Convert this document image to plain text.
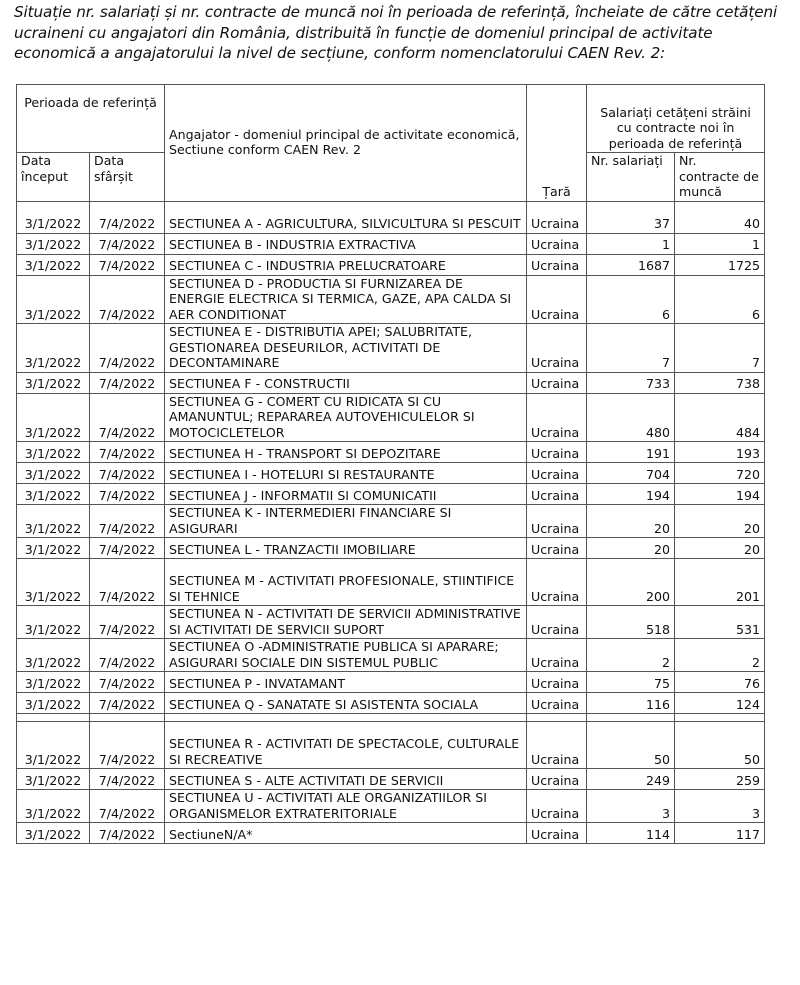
Situație nr. salariați și nr. contracte de muncă noi în perioada de referință, încheiate de către cetățeni ucraineni cu angajatori din România, distribuită în funcție de domeniul principal de activitate economică a angajatorului la nivel de secțiune, conform nomenclatorului CAEN Rev. 2:
Perioada de referință		Angajator - domeniul principal de activitate economică, Sectiune conform CAEN Rev. 2	Țară	Salariați cetățeni străini cu contracte noi în perioada de referință	
Data început	Data sfârșit			Nr. salariați	Nr. contracte de muncă
3/1/2022	7/4/2022	SECTIUNEA A - AGRICULTURA, SILVICULTURA SI PESCUIT	Ucraina	37	40
3/1/2022	7/4/2022	SECTIUNEA B - INDUSTRIA EXTRACTIVA	Ucraina	1	1
3/1/2022	7/4/2022	SECTIUNEA C - INDUSTRIA PRELUCRATOARE	Ucraina	1687	1725
3/1/2022	7/4/2022	SECTIUNEA D - PRODUCTIA SI FURNIZAREA DE ENERGIE ELECTRICA SI TERMICA, GAZE, APA CALDA SI AER CONDITIONAT	Ucraina	6	6
3/1/2022	7/4/2022	SECTIUNEA E - DISTRIBUTIA APEI; SALUBRITATE, GESTIONAREA DESEURILOR, ACTIVITATI DE DECONTAMINARE	Ucraina	7	7
3/1/2022	7/4/2022	SECTIUNEA F - CONSTRUCTII	Ucraina	733	738
3/1/2022	7/4/2022	SECTIUNEA G - COMERT CU RIDICATA SI CU AMANUNTUL; REPARAREA AUTOVEHICULELOR SI MOTOCICLETELOR	Ucraina	480	484
3/1/2022	7/4/2022	SECTIUNEA H - TRANSPORT SI DEPOZITARE	Ucraina	191	193
3/1/2022	7/4/2022	SECTIUNEA I - HOTELURI SI RESTAURANTE	Ucraina	704	720
3/1/2022	7/4/2022	SECTIUNEA J - INFORMATII SI COMUNICATII	Ucraina	194	194
3/1/2022	7/4/2022	SECTIUNEA K - INTERMEDIERI FINANCIARE SI ASIGURARI	Ucraina	20	20
3/1/2022	7/4/2022	SECTIUNEA L - TRANZACTII IMOBILIARE	Ucraina	20	20
3/1/2022	7/4/2022	SECTIUNEA M - ACTIVITATI PROFESIONALE, STIINTIFICE SI TEHNICE	Ucraina	200	201
3/1/2022	7/4/2022	SECTIUNEA N - ACTIVITATI DE SERVICII ADMINISTRATIVE SI ACTIVITATI DE SERVICII SUPORT	Ucraina	518	531
3/1/2022	7/4/2022	SECTIUNEA O -ADMINISTRATIE PUBLICA SI APARARE; ASIGURARI SOCIALE DIN SISTEMUL PUBLIC	Ucraina	2	2
3/1/2022	7/4/2022	SECTIUNEA P - INVATAMANT	Ucraina	75	76
3/1/2022	7/4/2022	SECTIUNEA Q - SANATATE SI ASISTENTA SOCIALA	Ucraina	116	124

3/1/2022	7/4/2022	SECTIUNEA R - ACTIVITATI DE SPECTACOLE, CULTURALE SI RECREATIVE	Ucraina	50	50
3/1/2022	7/4/2022	SECTIUNEA S - ALTE ACTIVITATI DE SERVICII	Ucraina	249	259
3/1/2022	7/4/2022	SECTIUNEA U - ACTIVITATI ALE ORGANIZATIILOR SI ORGANISMELOR EXTRATERITORIALE	Ucraina	3	3
3/1/2022	7/4/2022	SectiuneN/A*	Ucraina	114	117
